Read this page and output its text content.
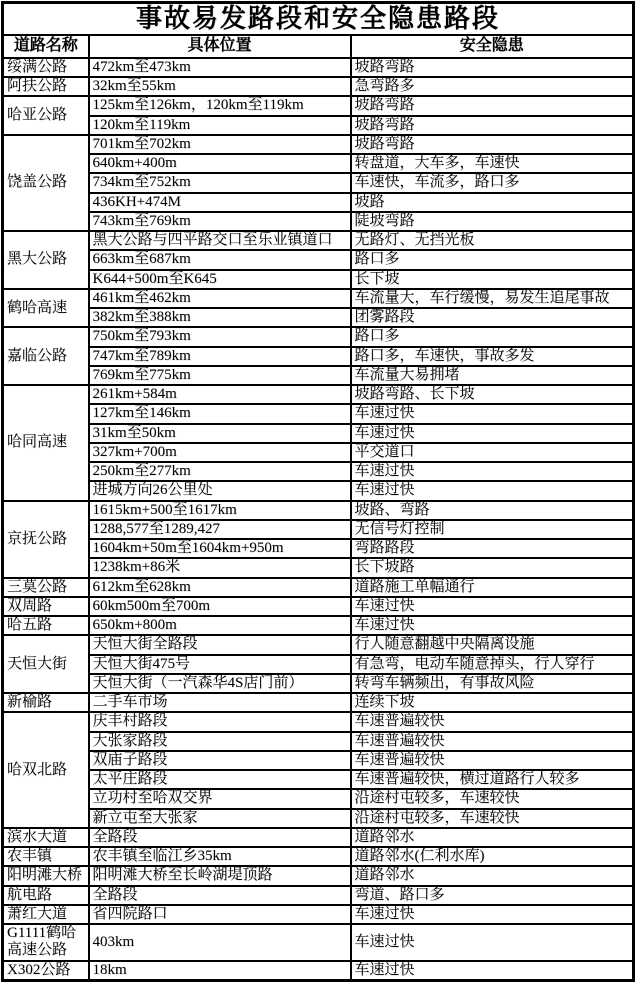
事故易发路段和安全隐患路段		
道路名称	具体位置	安全隐患
绥满公路	472km至473km	坡路弯路
阿扶公路	32km至55km	急弯路多
哈亚公路	125km至126km，120km至119km	坡路弯路
	120km至119km	坡路弯路
饶盖公路	701km至702km	坡路弯路
	640km+400m	转盘道，大车多，车速快
	734km至752km	车速快，车流多，路口多
	436KH+474M	坡路
	743km至769km	陡坡弯路
黑大公路	黑大公路与四平路交口至乐业镇道口	无路灯、无挡光板
	663km至687km	路口多
	K644+500m至K645	长下坡
鹤哈高速	461km至462km	车流量大，车行缓慢，易发生追尾事故
	382km至388km	团雾路段
嘉临公路	750km至793km	路口多
	747km至789km	路口多，车速快，事故多发
	769km至775km	车流量大易拥堵
哈同高速	261km+584m	坡路弯路、长下坡
	127km至146km	车速过快
	31km至50km	车速过快
	327km+700m	平交道口
	250km至277km	车速过快
	进城方向26公里处	车速过快
京抚公路	1615km+500至1617km	坡路、弯路
	1288,577至1289,427	无信号灯控制
	1604km+50m至1604km+950m	弯路路段
	1238km+86米	长下坡路
三莫公路	612km至628km	道路施工单幅通行
双周路	60km500m至700m	车速过快
哈五路	650km+800m	车速过快
天恒大街	天恒大街全路段	行人随意翻越中央隔离设施
	天恒大街475号	有急弯，电动车随意掉头，行人穿行
	天恒大街（一汽森华4S店门前）	转弯车辆频出，有事故风险
新榆路	二手车市场	连续下坡
哈双北路	庆丰村路段	车速普遍较快
	大张家路段	车速普遍较快
	双庙子路段	车速普遍较快
	太平庄路段	车速普遍较快，横过道路行人较多
	立功村至哈双交界	沿途村屯较多，车速较快
	新立屯至大张家	沿途村屯较多，车速较快
滨水大道	全路段	道路邻水
农丰镇	农丰镇至临江乡35km	道路邻水(仁利水库)
阳明滩大桥	阳明滩大桥至长岭湖堤顶路	道路邻水
航电路	全路段	弯道、路口多
萧红大道	省四院路口	车速过快
G1111鹤哈高速公路	403km	车速过快
X302公路	18km	车速过快
